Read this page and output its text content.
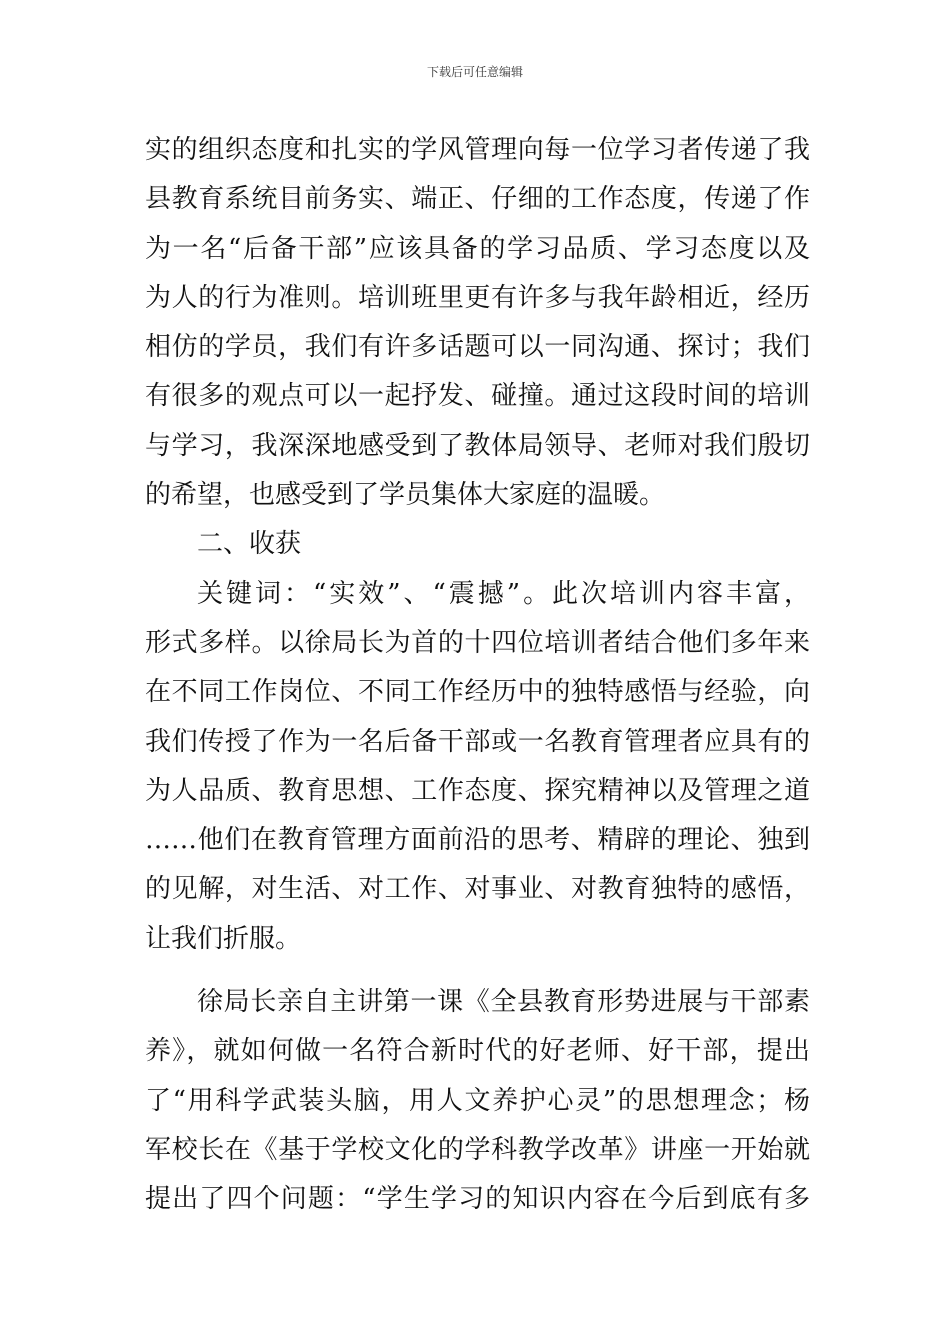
下载后可任意编辑
实的组织态度和扎实的学风管理向每一位学习者传递了我
县教育系统目前务实、端正、仔细的工作态度，传递了作
为一名“后备干部”应该具备的学习品质、学习态度以及
为人的行为准则。培训班里更有许多与我年龄相近，经历
相仿的学员，我们有许多话题可以一同沟通、探讨；我们
有很多的观点可以一起抒发、碰撞。通过这段时间的培训
与学习，我深深地感受到了教体局领导、老师对我们殷切
的希望，也感受到了学员集体大家庭的温暖。
二、收获
关键词：“实效”、“震撼”。此次培训内容丰富，
形式多样。以徐局长为首的十四位培训者结合他们多年来
在不同工作岗位、不同工作经历中的独特感悟与经验，向
我们传授了作为一名后备干部或一名教育管理者应具有的
为人品质、教育思想、工作态度、探究精神以及管理之道
……他们在教育管理方面前沿的思考、精辟的理论、独到
的见解，对生活、对工作、对事业、对教育独特的感悟，
让我们折服。
徐局长亲自主讲第一课《全县教育形势进展与干部素
养》，就如何做一名符合新时代的好老师、好干部，提出
了“用科学武装头脑，用人文养护心灵”的思想理念；杨
军校长在《基于学校文化的学科教学改革》讲座一开始就
提出了四个问题：“学生学习的知识内容在今后到底有多
